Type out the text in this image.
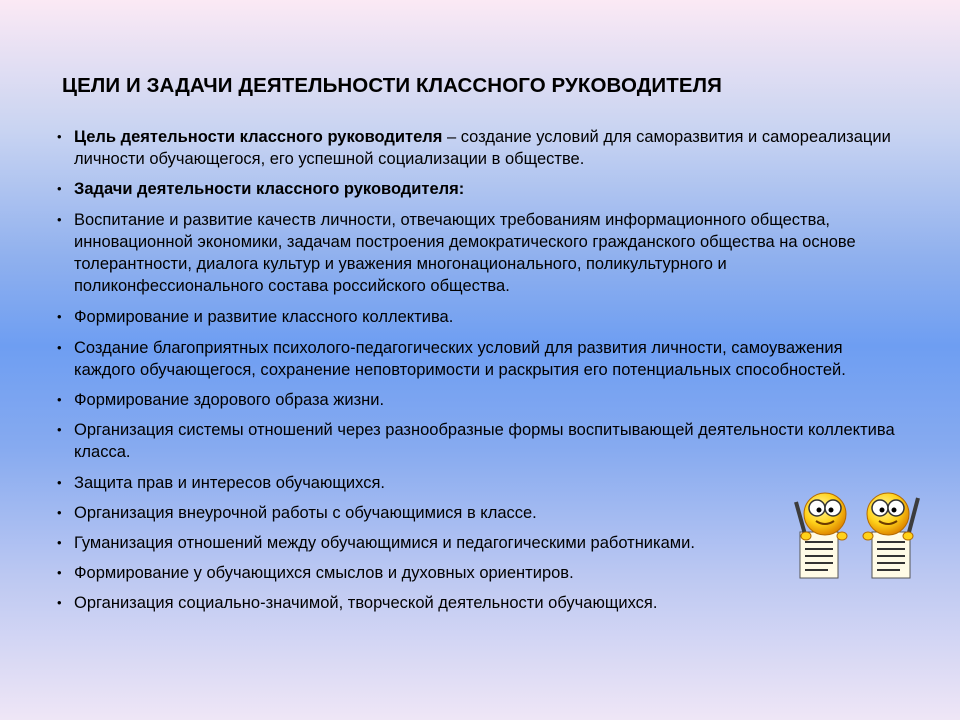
ЦЕЛИ И ЗАДАЧИ ДЕЯТЕЛЬНОСТИ КЛАССНОГО РУКОВОДИТЕЛЯ
• Цель деятельности классного руководителя – создание условий для саморазвития и самореализации личности обучающегося, его успешной социализации в обществе.
• Задачи деятельности классного руководителя:
• Воспитание и развитие качеств личности, отвечающих требованиям информационного общества, инновационной экономики, задачам построения демократического гражданского общества на основе толерантности, диалога культур и уважения многонационального, поликультурного и поликонфессионального состава российского общества.
• Формирование и развитие классного коллектива.
• Создание благоприятных психолого-педагогических условий для развития личности, самоуважения каждого обучающегося, сохранение неповторимости и раскрытия его потенциальных способностей.
• Формирование здорового образа жизни.
• Организация системы отношений через разнообразные формы воспитывающей деятельности коллектива класса.
• Защита прав и интересов обучающихся.
• Организация внеурочной работы с обучающимися в классе.
• Гуманизация отношений между обучающимися и педагогическими работниками.
• Формирование у обучающихся смыслов и духовных ориентиров.
• Организация социально-значимой, творческой деятельности обучающихся.
